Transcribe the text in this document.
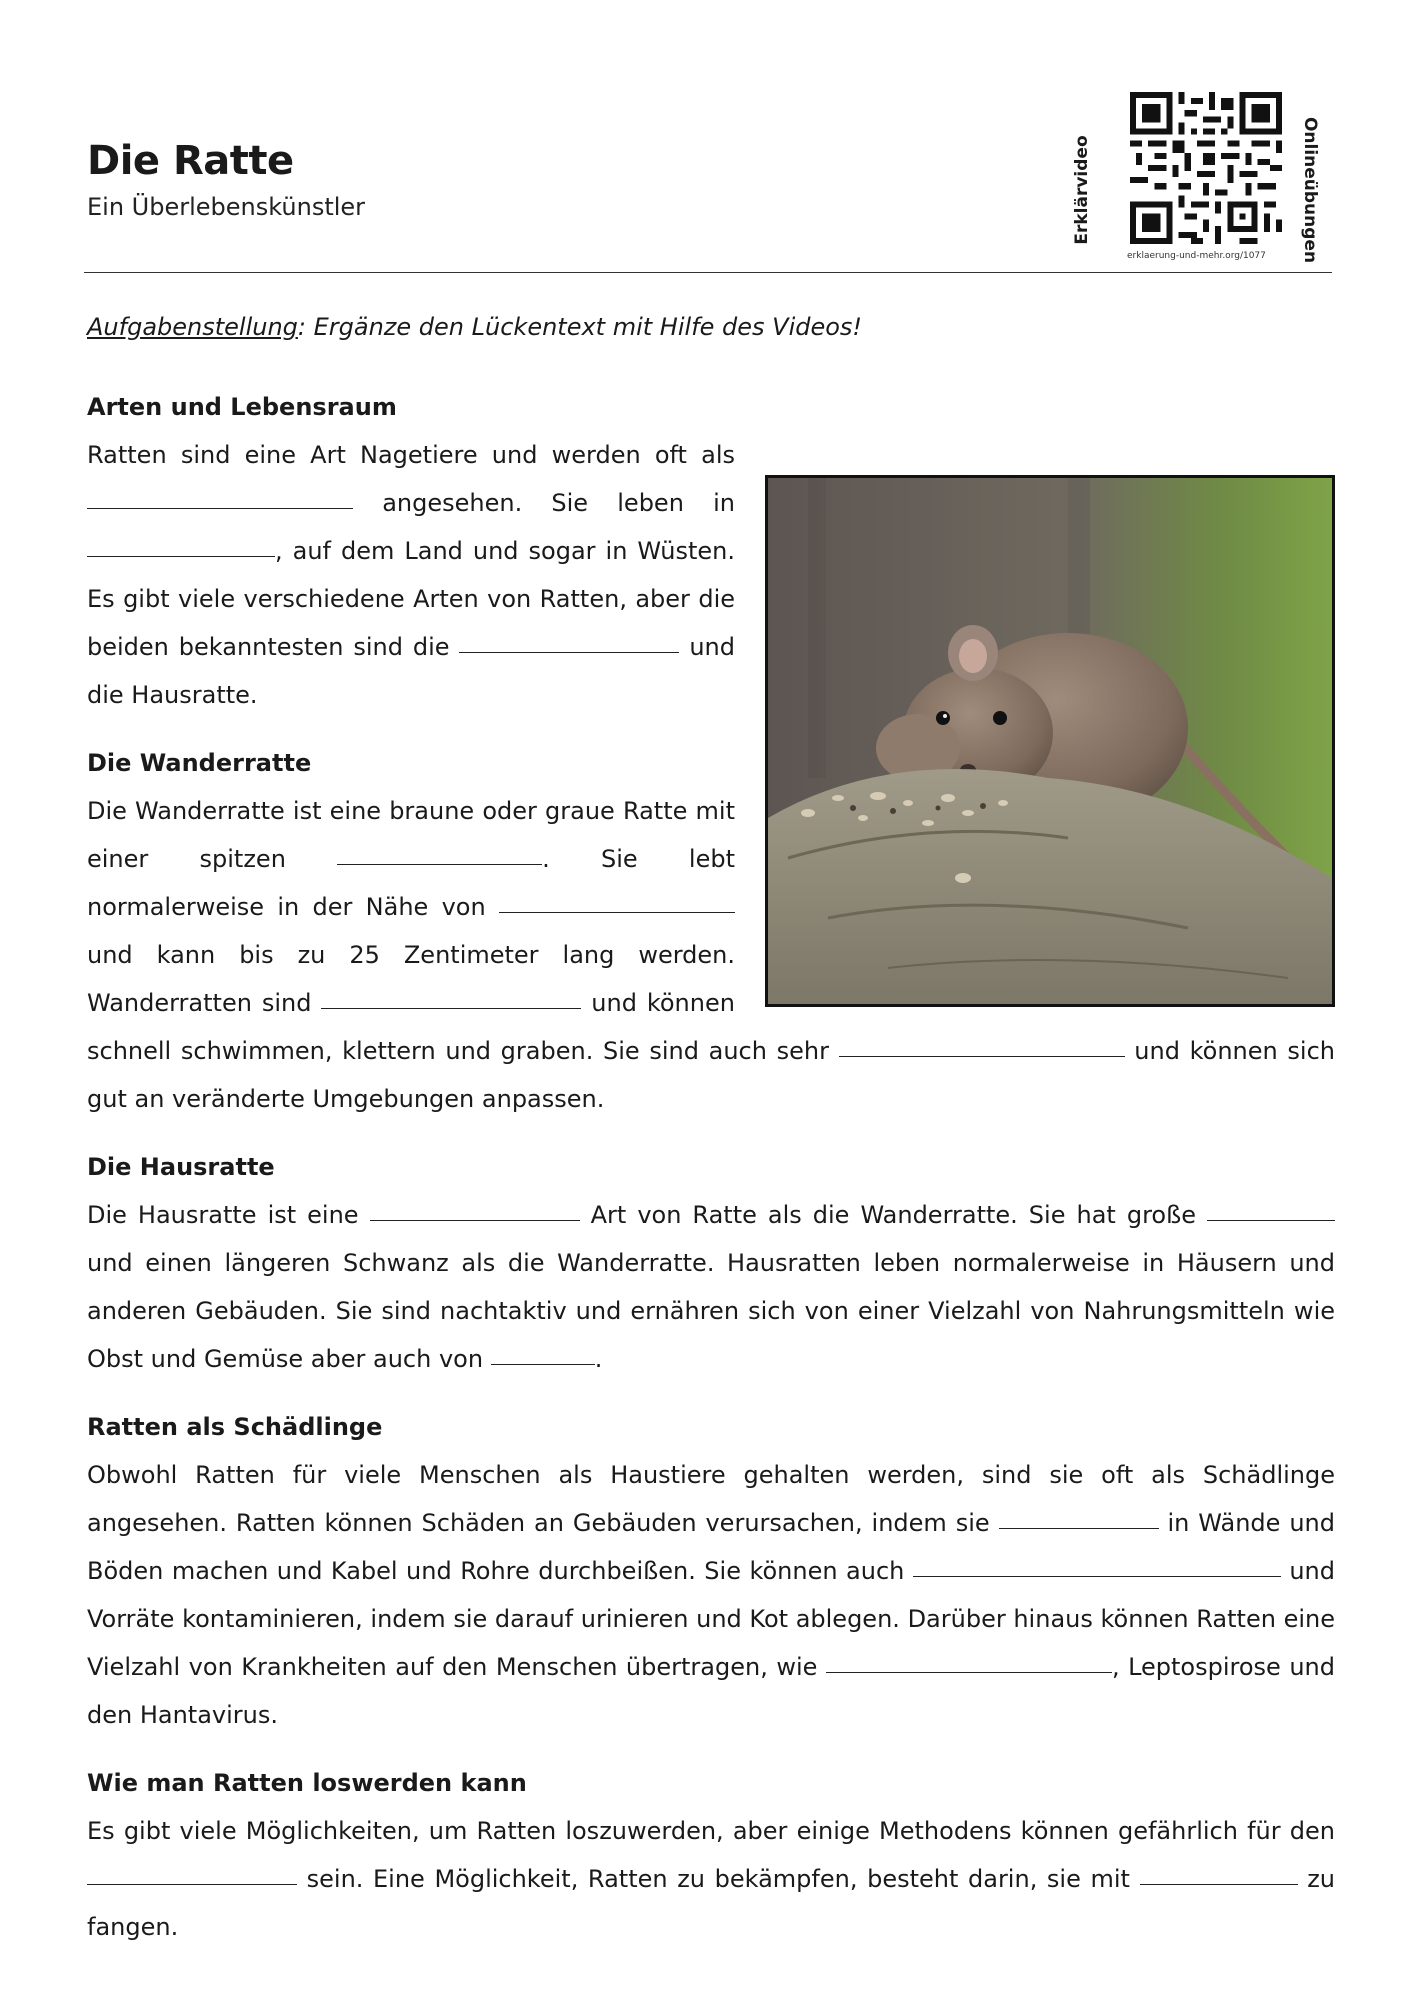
Die Ratte
Ein Überlebenskünstler	Erklärvideo	Onlineübungen
erklaerung-und-mehr.org/1077
Aufgabenstellung: Ergänze den Lückentext mit Hilfe des Videos!
Arten und Lebensraum

Ratten sind eine Art Nagetiere und werden oft als  angesehen. Sie leben in , auf dem Land und sogar in Wüsten. Es gibt viele verschiedene Arten von Ratten, aber die beiden bekanntesten sind die	und die Hausratte.

Die Wanderratte

Die Wanderratte ist eine braune oder graue Ratte mit einer spitzen	. Sie lebt normalerweise in der Nähe von  und kann bis zu 25 Zentimeter lang werden. Wanderratten sind	und können schnell schwimmen, klettern und graben. Sie sind auch sehr	und können sich gut an veränderte Umgebungen anpassen.

Die Hausratte

Die Hausratte ist eine	Art von Ratte als die Wanderratte. Sie hat große  und einen längeren Schwanz als die Wanderratte. Hausratten leben normalerweise in Häusern und anderen Gebäuden. Sie sind nachtaktiv und ernähren sich von einer Vielzahl von Nahrungsmitteln wie Obst und Gemüse aber auch von	.

Ratten als Schädlinge

Obwohl Ratten für viele Menschen als Haustiere gehalten werden, sind sie oft als Schädlinge angesehen. Ratten können Schäden an Gebäuden verursachen, indem sie	in Wände und Böden machen und Kabel und Rohre durchbeißen. Sie können auch	und Vorräte kontaminieren, indem sie darauf urinieren und Kot ablegen. Darüber hinaus können Ratten eine Vielzahl von Krankheiten auf den Menschen übertragen, wie	, Leptospirose und den Hantavirus.

Wie man Ratten loswerden kann

Es gibt viele Möglichkeiten, um Ratten loszuwerden, aber einige Methodens können gefährlich für den  sein. Eine Möglichkeit, Ratten zu bekämpfen, besteht darin, sie mit	zu fangen.
